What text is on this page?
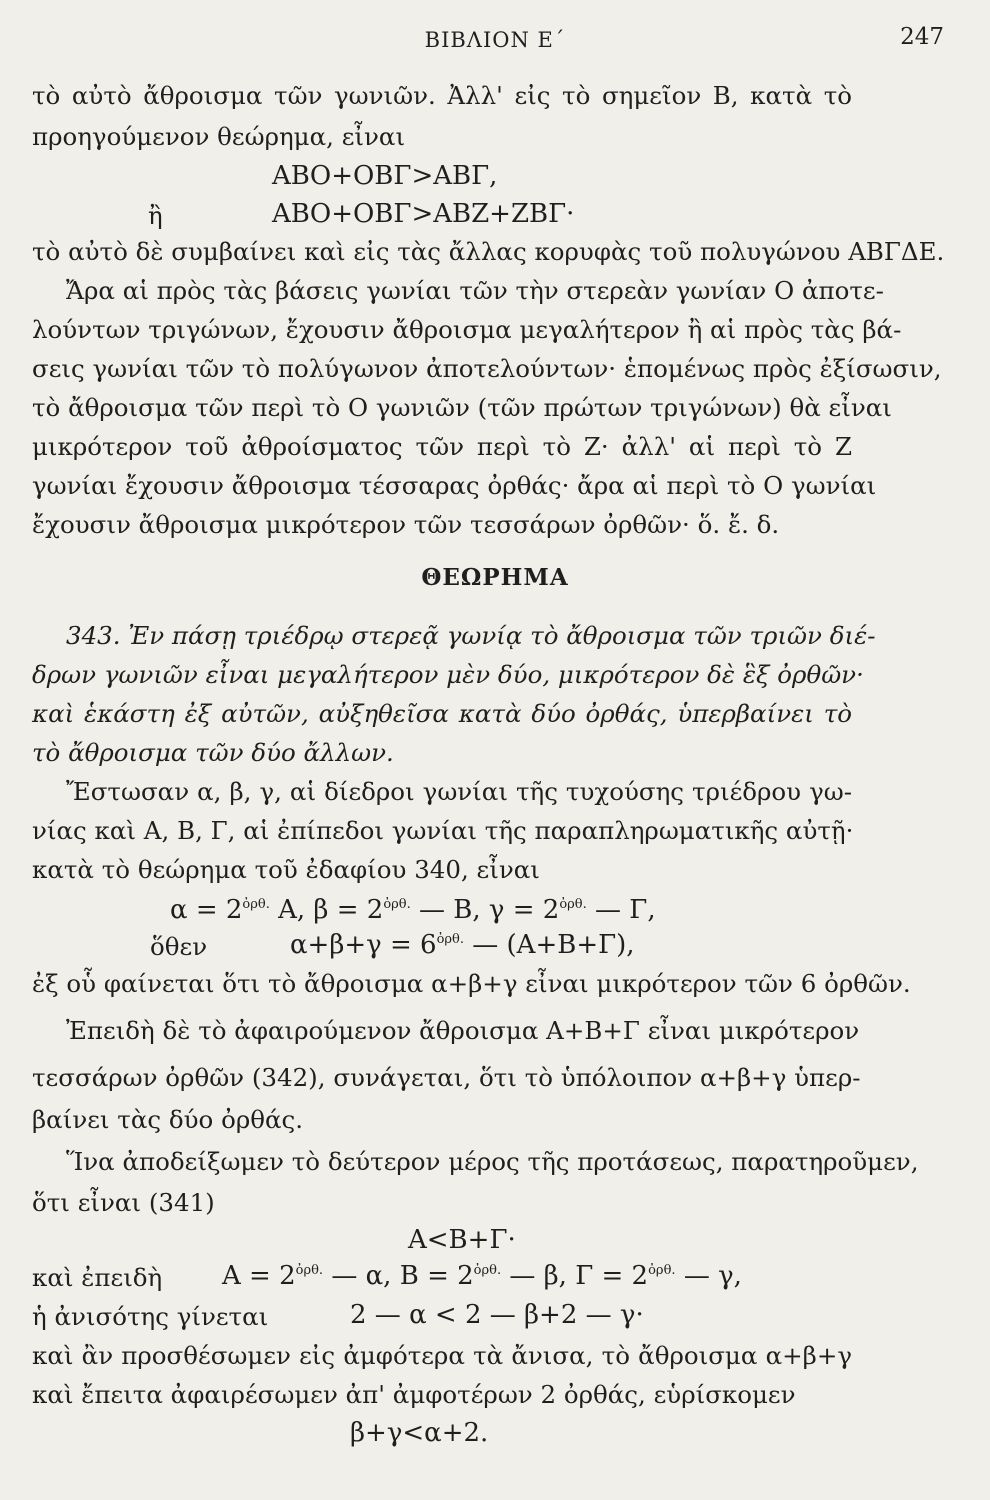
ΒΙΒΛΙΟΝ Ε΄	247
τὸ αὐτὸ ἄθροισμα τῶν γωνιῶν. Ἀλλ' εἰς τὸ σημεῖον Β, κατὰ τὸ
προηγούμενον θεώρημα, εἶναι
ΑΒΟ+ΟΒΓ>ΑΒΓ,
ἢ	ΑΒΟ+ΟΒΓ>ΑΒΖ+ΖΒΓ·
τὸ αὐτὸ δὲ συμβαίνει καὶ εἰς τὰς ἄλλας κορυφὰς τοῦ πολυγώνου ΑΒΓΔΕ.
Ἄρα αἱ πρὸς τὰς βάσεις γωνίαι τῶν τὴν στερεὰν γωνίαν Ο ἀποτε-
λούντων τριγώνων, ἔχουσιν ἄθροισμα μεγαλήτερον ἢ αἱ πρὸς τὰς βά-
σεις γωνίαι τῶν τὸ πολύγωνον ἀποτελούντων· ἑπομένως πρὸς ἐξίσωσιν,
τὸ ἄθροισμα τῶν περὶ τὸ Ο γωνιῶν (τῶν πρώτων τριγώνων) θὰ εἶναι
μικρότερον τοῦ ἀθροίσματος τῶν περὶ τὸ Ζ· ἀλλ' αἱ περὶ τὸ Ζ
γωνίαι ἔχουσιν ἄθροισμα τέσσαρας ὀρθάς· ἄρα αἱ περὶ τὸ Ο γωνίαι
ἔχουσιν ἄθροισμα μικρότερον τῶν τεσσάρων ὀρθῶν· ὅ. ἔ. δ.
ΘΕΩΡΗΜΑ
343. Ἐν πάσῃ τριέδρῳ στερεᾷ γωνίᾳ τὸ ἄθροισμα τῶν τριῶν διέ-
δρων γωνιῶν εἶναι μεγαλήτερον μὲν δύο, μικρότερον δὲ ἓξ ὀρθῶν·
καὶ ἑκάστη ἐξ αὐτῶν, αὐξηθεῖσα κατὰ δύο ὀρθάς, ὑπερβαίνει τὸ
τὸ ἄθροισμα τῶν δύο ἄλλων.
Ἔστωσαν α, β, γ, αἱ δίεδροι γωνίαι τῆς τυχούσης τριέδρου γω-
νίας καὶ Α, Β, Γ, αἱ ἐπίπεδοι γωνίαι τῆς παραπληρωματικῆς αὐτῇ·
κατὰ τὸ θεώρημα τοῦ ἐδαφίου 340, εἶναι
$\alpha = 2^{ὀ\rho\theta.}$ Α, $\beta = 2^{ὀ\rho\theta.}$ — Β, $\gamma = 2^{ὀ\rho\theta.}$ — Γ,
ὅθεν	$\alpha+\beta+\gamma = 6^{ὀ\rho\theta.}$ — (Α+Β+Γ),
ἐξ οὗ φαίνεται ὅτι τὸ ἄθροισμα α+β+γ εἶναι μικρότερον τῶν 6 ὀρθῶν.
Ἐπειδὴ δὲ τὸ ἀφαιρούμενον ἄθροισμα Α+Β+Γ εἶναι μικρότερον
τεσσάρων ὀρθῶν (342), συνάγεται, ὅτι τὸ ὑπόλοιπον α+β+γ ὑπερ-
βαίνει τὰς δύο ὀρθάς.
Ἵνα ἀποδείξωμεν τὸ δεύτερον μέρος τῆς προτάσεως, παρατηροῦμεν,
ὅτι εἶναι (341)
Α<Β+Γ·
καὶ ἐπειδὴ $A = 2^{ὀ\rho\theta.}$ — α, $B = 2^{ὀ\rho\theta.}$ — β, $\Gamma = 2^{ὀ\rho\theta.}$ — γ,
ἡ ἀνισότης γίνεται	2 — α < 2 — β+2 — γ·
καὶ ἂν προσθέσωμεν εἰς ἀμφότερα τὰ ἄνισα, τὸ ἄθροισμα α+β+γ
καὶ ἔπειτα ἀφαιρέσωμεν ἀπ' ἀμφοτέρων 2 ὀρθάς, εὑρίσκομεν
β+γ<α+2.
